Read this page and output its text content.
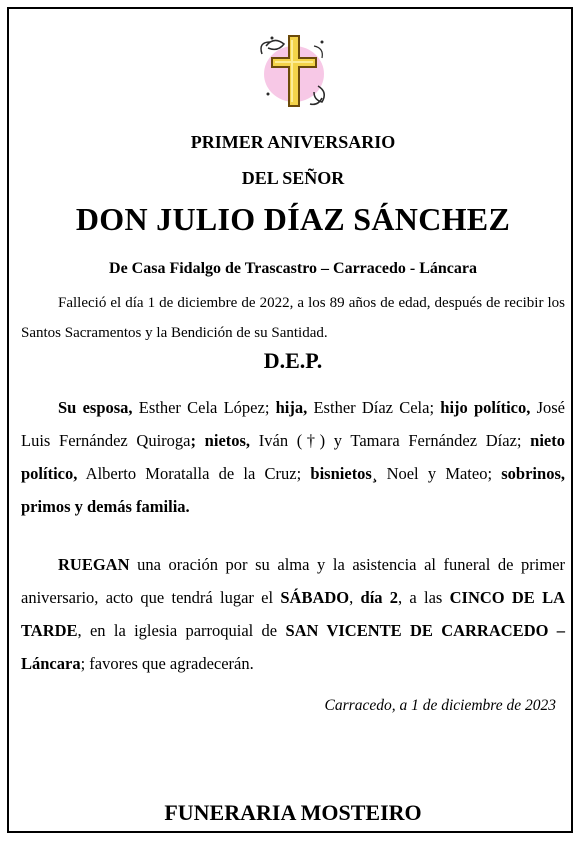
PRIMER ANIVERSARIO
DEL SEÑOR
DON JULIO DÍAZ SÁNCHEZ
De Casa Fidalgo de Trascastro – Carracedo - Láncara
Falleció el día 1 de diciembre de 2022, a los 89 años de edad, después de recibir los Santos Sacramentos y la Bendición de su Santidad.
D.E.P.
Su esposa, Esther Cela López; hija, Esther Díaz Cela; hijo político, José Luis Fernández Quiroga; nietos, Iván (†) y Tamara Fernández Díaz; nieto político, Alberto Moratalla de la Cruz; bisnietos¸ Noel y Mateo; sobrinos, primos y demás familia.
RUEGAN una oración por su alma y la asistencia al funeral de primer aniversario, acto que tendrá lugar el SÁBADO, día 2, a las CINCO DE LA TARDE, en la iglesia parroquial de SAN VICENTE DE CARRACEDO – Láncara; favores que agradecerán.
Carracedo, a 1 de diciembre de 2023
FUNERARIA MOSTEIRO
